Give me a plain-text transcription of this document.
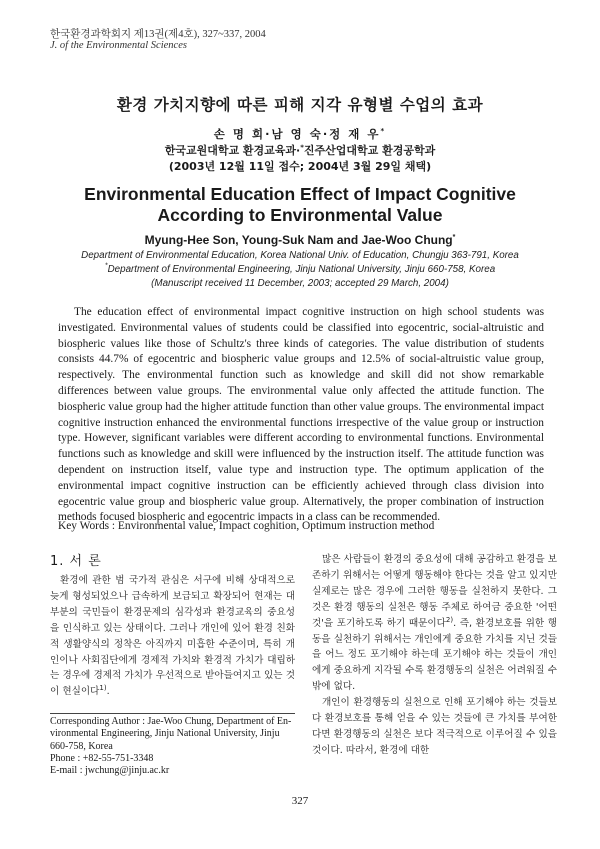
한국환경과학회지 제13권(제4호), 327~337, 2004
J. of the Environmental Sciences
환경 가치지향에 따른 피해 지각 유형별 수업의 효과
손 명 희·남 영 숙·정 재 우*
한국교원대학교 환경교육과·*진주산업대학교 환경공학과
(2003년 12월 11일 접수; 2004년 3월 29일 채택)
Environmental Education Effect of Impact Cognitive
According to Environmental Value
Myung-Hee Son, Young-Suk Nam and Jae-Woo Chung*
Department of Environmental Education, Korea National Univ. of Education, Chungju 363-791, Korea
*Department of Environmental Engineering, Jinju National University, Jinju 660-758, Korea
(Manuscript received 11 December, 2003; accepted 29 March, 2004)

The education effect of environmental impact cognitive instruction on high school students was investigated. Environmental values of students could be classified into egocentric, social-altruistic and biospheric values like those of Schultz's three kinds of categories. The value distribution of students consists 44.7% of egocentric and biospheric value groups and 12.5% of social-altruistic value group, respectively. The environmental function such as knowledge and skill did not show remarkable differences between value groups. The environmental value only affected the attitude function. The biospheric value group had the higher attitude function than other value groups. The environmental impact cognitive instruction enhanced the environmental functions irrespective of the value group or instruction type. However, significant variables were different according to environmental functions. Environmental functions such as knowledge and skill were influenced by the instruction itself. The attitude function was dependent on instruction itself, value type and instruction type. The optimum application of the environmental impact cognitive instruction can be efficiently achieved through class division into egocentric value group and biospheric value group. Alternatively, the proper combination of instruction methods focused biospheric and egocentric impacts in a class can be recommended.

Key Words : Environmental value, Impact cognition, Optimum instruction method
1. 서 론

환경에 관한 범 국가적 관심은 서구에 비해 상대적으로 늦게 형성되었으나 급속하게 보급되고 확장되어 현재는 대부분의 국민들이 환경문제의 심각성과 환경교육의 중요성을 인식하고 있는 상태이다. 그러나 개인에 있어 환경 친화적 생활양식의 정착은 아직까지 미흡한 수준이며, 특히 개인이나 사회집단에게 경제적 가치와 환경적 가치가 대립하는 경우에 경제적 가치가 우선적으로 받아들여지고 있는 것이 현실이다$^{1)}$.

Corresponding Author : Jae-Woo Chung, Department of En-
vironmental Engineering, Jinju National University, Jinju
660-758, Korea
Phone : +82-55-751-3348
E-mail : jwchung@jinju.ac.kr

많은 사람들이 환경의 중요성에 대해 공감하고 환경을 보존하기 위해서는 어떻게 행동해야 한다는 것을 알고 있지만 실제로는 많은 경우에 그러한 행동을 실천하지 못한다. 그것은 환경 행동의 실천은 행동 주체로 하여금 중요한 '어떤 것'을 포기하도록 하기 때문이다$^{2)}$. 즉, 환경보호를 위한 행동을 실천하기 위해서는 개인에게 중요한 가치를 지닌 것들을 어느 정도 포기해야 하는데 포기해야 하는 것들이 개인에게 중요하게 지각될 수록 환경행동의 실천은 어려워질 수밖에 없다.

개인이 환경행동의 실천으로 인해 포기해야 하는 것들보다 환경보호를 통해 얻을 수 있는 것들에 큰 가치를 부여한다면 환경행동의 실천은 보다 적극적으로 이루어질 수 있을 것이다. 따라서, 환경에 대한

327
